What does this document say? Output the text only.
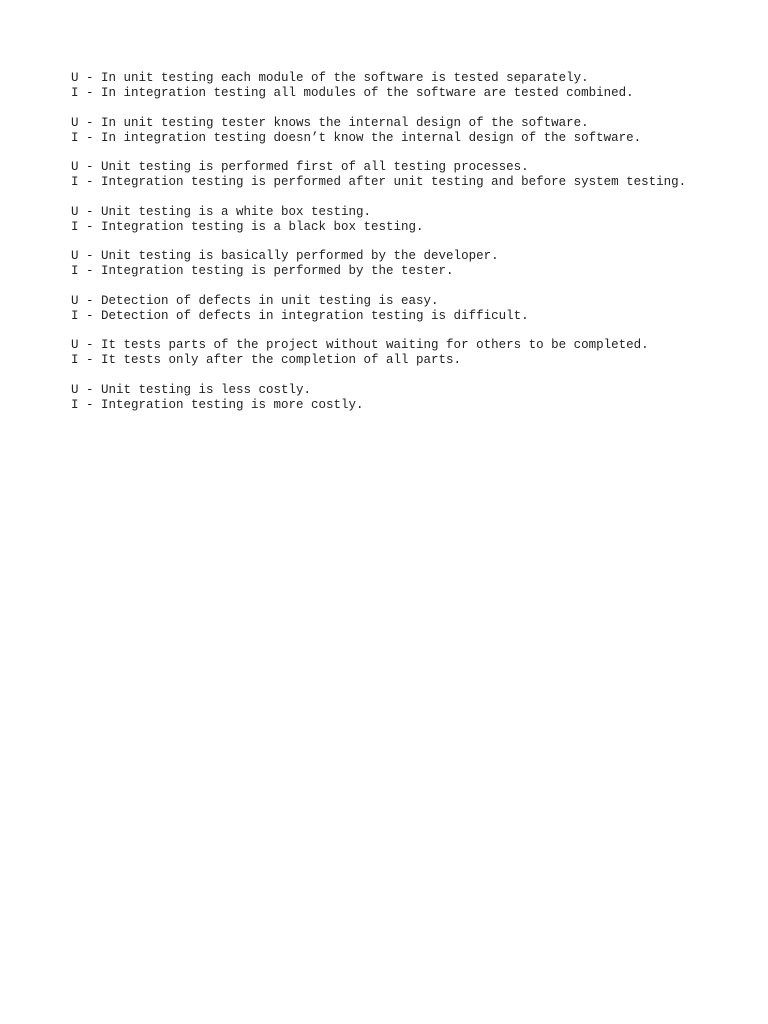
U - In unit testing each module of the software is tested separately.
I - In integration testing all modules of the software are tested combined.
U - In unit testing tester knows the internal design of the software.
I - In integration testing doesn’t know the internal design of the software.
U - Unit testing is performed first of all testing processes.
I - Integration testing is performed after unit testing and before system testing.
U - Unit testing is a white box testing.
I - Integration testing is a black box testing.
U - Unit testing is basically performed by the developer.
I - Integration testing is performed by the tester.
U - Detection of defects in unit testing is easy.
I - Detection of defects in integration testing is difficult.
U - It tests parts of the project without waiting for others to be completed.
I - It tests only after the completion of all parts.
U - Unit testing is less costly.
I - Integration testing is more costly.
